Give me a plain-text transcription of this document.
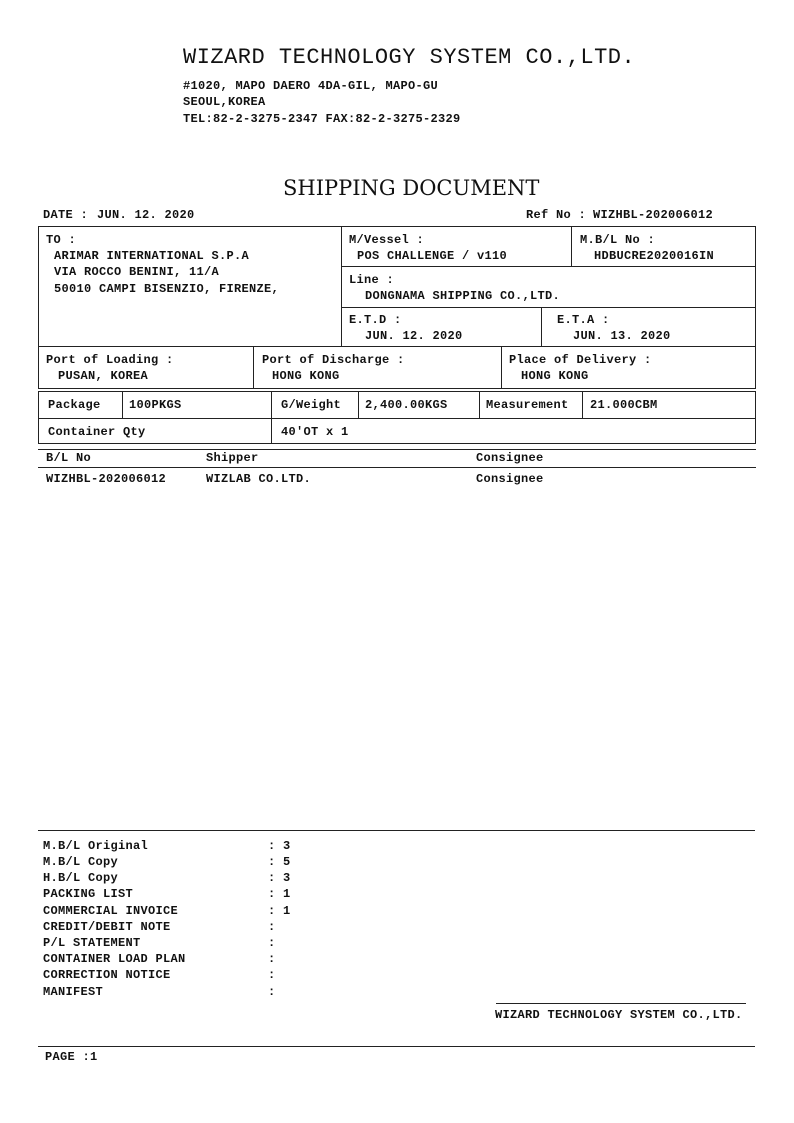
WIZARD TECHNOLOGY SYSTEM CO.,LTD.
#1020, MAPO DAERO 4DA-GIL, MAPO-GU
SEOUL,KOREA
TEL:82-2-3275-2347 FAX:82-2-3275-2329
SHIPPING DOCUMENT
DATE : JUN. 12. 2020	Ref No : WIZHBL-202006012
TO :
ARIMAR INTERNATIONAL S.P.A
VIA ROCCO BENINI, 11/A
50010 CAMPI BISENZIO, FIRENZE,
M/Vessel :
POS CHALLENGE / v110
M.B/L No :
HDBUCRE2020016IN
Line :
DONGNAMA SHIPPING CO.,LTD.
E.T.D :
JUN. 12. 2020
E.T.A :
JUN. 13. 2020
Port of Loading :
PUSAN, KOREA
Port of Discharge :
HONG KONG
Place of Delivery :
HONG KONG
Package 100PKGS	G/Weight 2,400.00KGS	Measurement 21.000CBM
Container Qty	40'OT x 1
B/L No	Shipper	Consignee
WIZHBL-202006012	WIZLAB CO.LTD.	Consignee
M.B/L Original	: 3
M.B/L Copy	: 5
H.B/L Copy	: 3
PACKING LIST	: 1
COMMERCIAL INVOICE	: 1
CREDIT/DEBIT NOTE	:
P/L STATEMENT	:
CONTAINER LOAD PLAN	:
CORRECTION NOTICE	:
MANIFEST	:
WIZARD TECHNOLOGY SYSTEM CO.,LTD.
PAGE :1
